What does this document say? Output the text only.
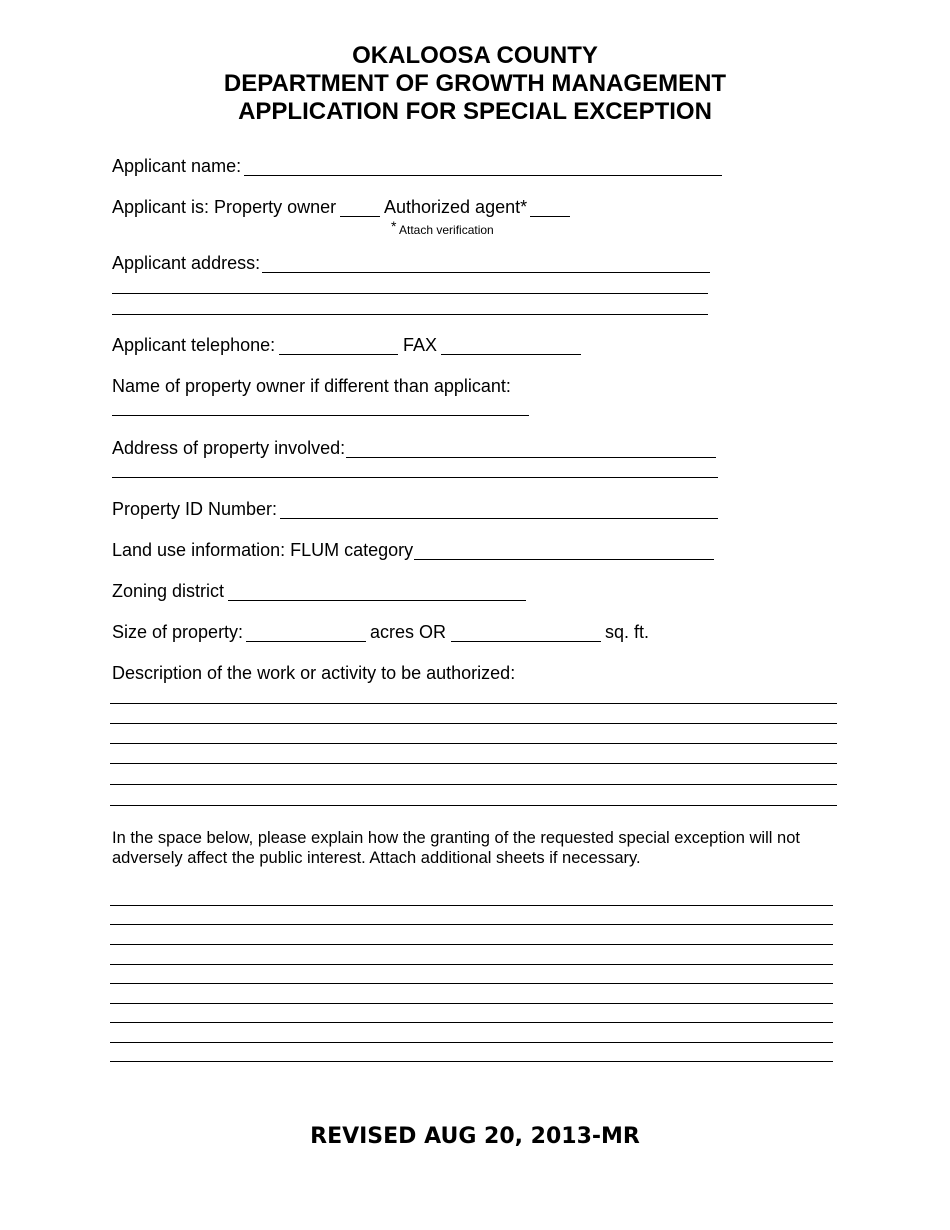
OKALOOSA COUNTY
DEPARTMENT OF GROWTH MANAGEMENT
APPLICATION FOR SPECIAL EXCEPTION
Applicant name:
Applicant is: Property owner	Authorized agent*
* Attach verification
Applicant address:
Applicant telephone:	FAX
Name of property owner if different than applicant:
Address of property involved:
Property ID Number:
Land use information: FLUM category
Zoning district
Size of property:	acres OR	sq. ft.
Description of the work or activity to be authorized:
In the space below, please explain how the granting of the requested special exception will not adversely affect the public interest. Attach additional sheets if necessary.
REVISED AUG 20, 2013-MR
